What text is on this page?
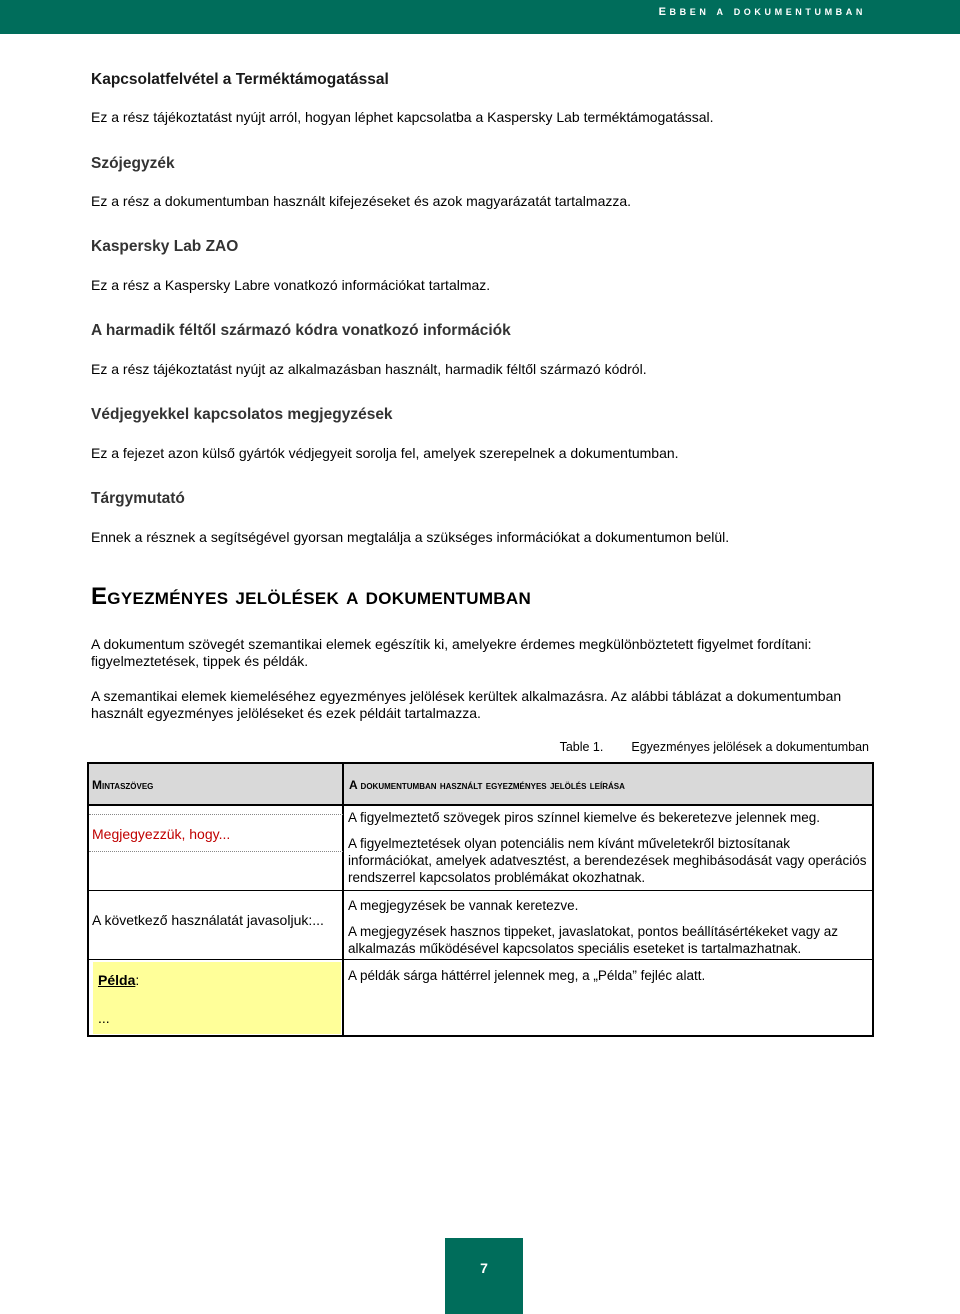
ebben a dokumentumban
Kapcsolatfelvétel a Terméktámogatással
Ez a rész tájékoztatást nyújt arról, hogyan léphet kapcsolatba a Kaspersky Lab terméktámogatással.
Szójegyzék
Ez a rész a dokumentumban használt kifejezéseket és azok magyarázatát tartalmazza.
Kaspersky Lab ZAO
Ez a rész a Kaspersky Labre vonatkozó információkat tartalmaz.
A harmadik féltől származó kódra vonatkozó információk
Ez a rész tájékoztatást nyújt az alkalmazásban használt, harmadik féltől származó kódról.
Védjegyekkel kapcsolatos megjegyzések
Ez a fejezet azon külső gyártók védjegyeit sorolja fel, amelyek szerepelnek a dokumentumban.
Tárgymutató
Ennek a résznek a segítségével gyorsan megtalálja a szükséges információkat a dokumentumon belül.
Egyezményes jelölések a dokumentumban
A dokumentum szövegét szemantikai elemek egészítik ki, amelyekre érdemes megkülönböztetett figyelmet fordítani: figyelmeztetések, tippek és példák.
A szemantikai elemek kiemeléséhez egyezményes jelölések kerültek alkalmazásra. Az alábbi táblázat a dokumentumban használt egyezményes jelöléseket és ezek példáit tartalmazza.
Table 1. Egyezményes jelölések a dokumentumban
Mintaszöveg	A dokumentumban használt egyezményes jelölés leírása
Megjegyezzük, hogy...
A figyelmeztető szövegek piros színnel kiemelve és bekeretezve jelennek meg.
A figyelmeztetések olyan potenciális nem kívánt műveletekről biztosítanak információkat, amelyek adatvesztést, a berendezések meghibásodását vagy operációs rendszerrel kapcsolatos problémákat okozhatnak.
A következő használatát javasoljuk:...
A megjegyzések be vannak keretezve.
A megjegyzések hasznos tippeket, javaslatokat, pontos beállításértékeket vagy az alkalmazás működésével kapcsolatos speciális eseteket is tartalmazhatnak.
Példa:
...
A példák sárga háttérrel jelennek meg, a „Példa” fejléc alatt.
7
